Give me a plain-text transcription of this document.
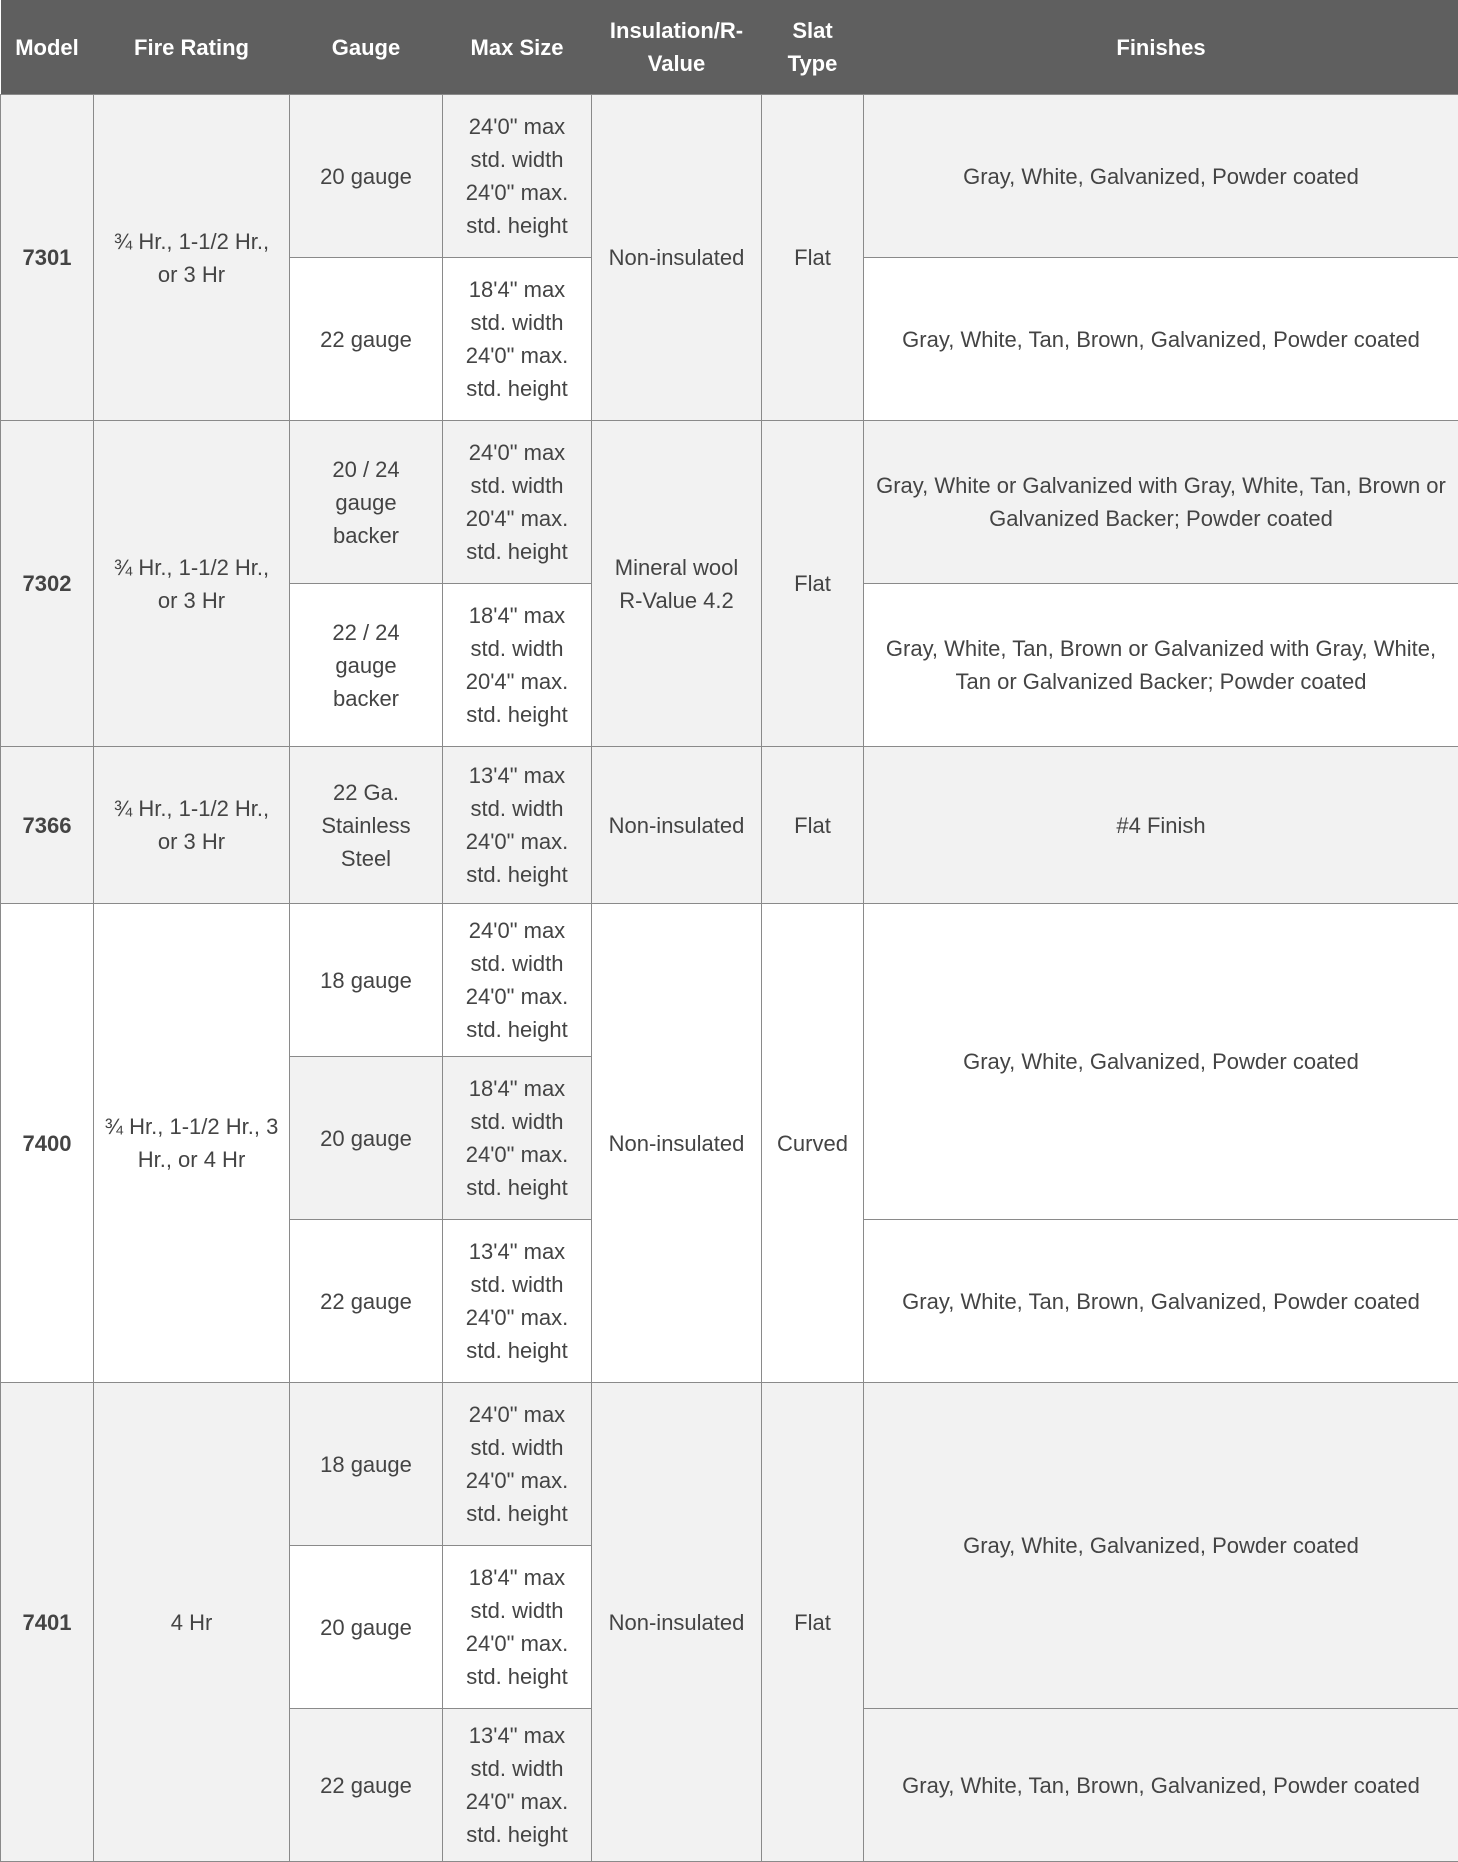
Model	Fire Rating	Gauge	Max Size	Insulation/R-Value	Slat Type	Finishes
7301	¾ Hr., 1-1/2 Hr., or 3 Hr	20 gauge	24'0" max std. width 24'0" max. std. height	Non-insulated	Flat	Gray, White, Galvanized, Powder coated
		22 gauge	18'4" max std. width 24'0" max. std. height			Gray, White, Tan, Brown, Galvanized, Powder coated
7302	¾ Hr., 1-1/2 Hr., or 3 Hr	20 / 24 gauge backer	24'0" max std. width 20'4" max. std. height	Mineral wool R-Value 4.2	Flat	Gray, White or Galvanized with Gray, White, Tan, Brown or Galvanized Backer; Powder coated
		22 / 24 gauge backer	18'4" max std. width 20'4" max. std. height			Gray, White, Tan, Brown or Galvanized with Gray, White, Tan or Galvanized Backer; Powder coated
7366	¾ Hr., 1-1/2 Hr., or 3 Hr	22 Ga. Stainless Steel	13'4" max std. width 24'0" max. std. height	Non-insulated	Flat	#4 Finish
7400	¾ Hr., 1-1/2 Hr., 3 Hr., or 4 Hr	18 gauge	24'0" max std. width 24'0" max. std. height	Non-insulated	Curved	Gray, White, Galvanized, Powder coated
		20 gauge	18'4" max std. width 24'0" max. std. height			
		22 gauge	13'4" max std. width 24'0" max. std. height			Gray, White, Tan, Brown, Galvanized, Powder coated
7401	4 Hr	18 gauge	24'0" max std. width 24'0" max. std. height	Non-insulated	Flat	Gray, White, Galvanized, Powder coated
		20 gauge	18'4" max std. width 24'0" max. std. height			
		22 gauge	13'4" max std. width 24'0" max. std. height			Gray, White, Tan, Brown, Galvanized, Powder coated
